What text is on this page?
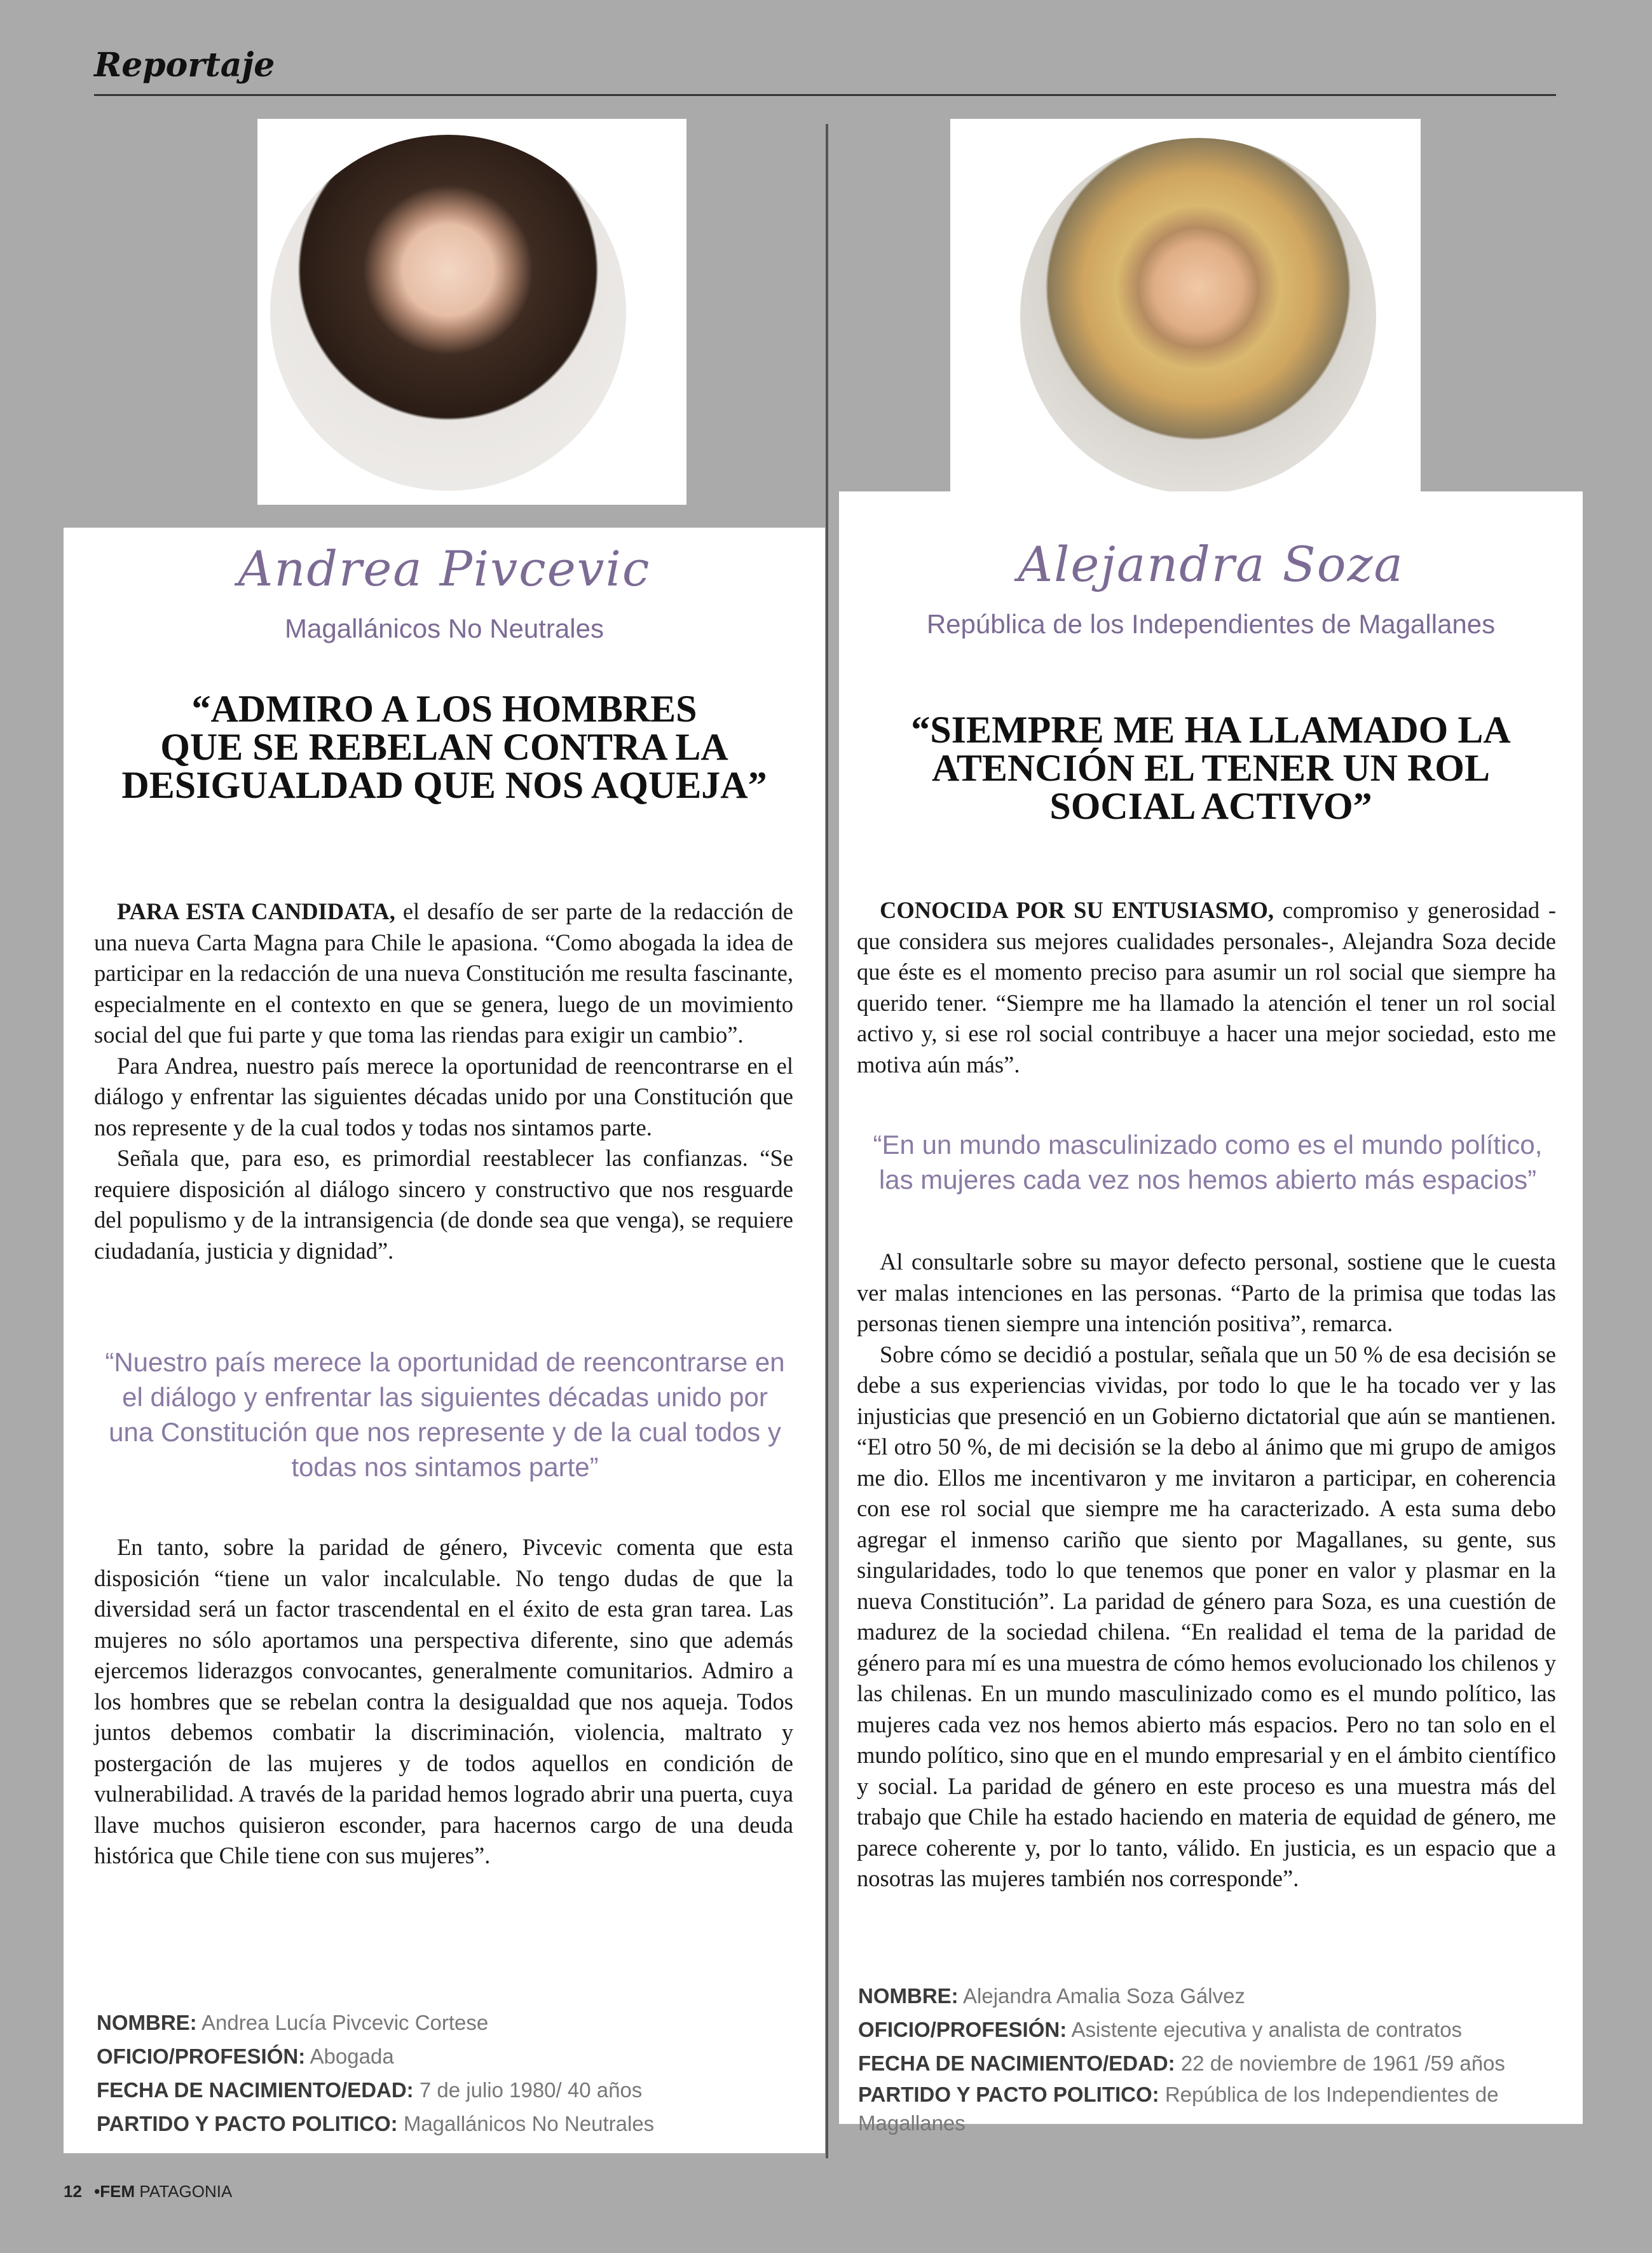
Reportaje
Andrea Pivcevic
Magallánicos No Neutrales
“ADMIRO A LOS HOMBRES
QUE SE REBELAN CONTRA LA
DESIGUALDAD QUE NOS AQUEJA”

PARA ESTA CANDIDATA, el desafío de ser parte de la redacción de una nueva Carta Magna para Chile le apasiona. “Como abogada la idea de participar en la redacción de una nueva Constitución me resulta fascinante, especialmente en el contexto en que se genera, luego de un movimiento social del que fui parte y que toma las riendas para exigir un cambio”.

Para Andrea, nuestro país merece la oportunidad de reencontrarse en el diálogo y enfrentar las siguientes décadas unido por una Constitución que nos represente y de la cual todos y todas nos sintamos parte.

Señala que, para eso, es primordial reestablecer las confianzas. “Se requiere disposición al diálogo sincero y constructivo que nos resguarde del populismo y de la intransigencia (de donde sea que venga), se requiere ciudadanía, justicia y dignidad”.

“Nuestro país merece la oportunidad de reencontrarse en el diálogo y enfrentar las siguientes décadas unido por una Constitución que nos represente y de la cual todos y todas nos sintamos parte”

En tanto, sobre la paridad de género, Pivcevic comenta que esta disposición “tiene un valor incalculable. No tengo dudas de que la diversidad será un factor trascendental en el éxito de esta gran tarea. Las mujeres no sólo aportamos una perspectiva diferente, sino que además ejercemos liderazgos convocantes, generalmente comunitarios. Admiro a los hombres que se rebelan contra la desigualdad que nos aqueja. Todos juntos debemos combatir la discriminación, violencia, maltrato y postergación de las mujeres y de todos aquellos en condición de vulnerabilidad. A través de la paridad hemos logrado abrir una puerta, cuya llave muchos quisieron esconder, para hacernos cargo de una deuda histórica que Chile tiene con sus mujeres”.

NOMBRE: Andrea Lucía Pivcevic Cortese
OFICIO/PROFESIÓN: Abogada
FECHA DE NACIMIENTO/EDAD: 7 de julio 1980/ 40 años
PARTIDO Y PACTO POLITICO: Magallánicos No Neutrales
Alejandra Soza
República de los Independientes de Magallanes
“SIEMPRE ME HA LLAMADO LA
ATENCIÓN EL TENER UN ROL
SOCIAL ACTIVO”

CONOCIDA POR SU ENTUSIASMO, compromiso y generosidad - que considera sus mejores cualidades personales-, Alejandra Soza decide que éste es el momento preciso para asumir un rol social que siempre ha querido tener. “Siempre me ha llamado la atención el tener un rol social activo y, si ese rol social contribuye a hacer una mejor sociedad, esto me motiva aún más”.

“En un mundo masculinizado como es el mundo político, las mujeres cada vez nos hemos abierto más espacios”

Al consultarle sobre su mayor defecto personal, sostiene que le cuesta ver malas intenciones en las personas. “Parto de la primisa que todas las personas tienen siempre una intención positiva”, remarca.

Sobre cómo se decidió a postular, señala que un 50 % de esa decisión se debe a sus experiencias vividas, por todo lo que le ha tocado ver y las injusticias que presenció en un Gobierno dictatorial que aún se mantienen. “El otro 50 %, de mi decisión se la debo al ánimo que mi grupo de amigos me dio. Ellos me incentivaron y me invitaron a participar, en coherencia con ese rol social que siempre me ha caracterizado. A esta suma debo agregar el inmenso cariño que siento por Magallanes, su gente, sus singularidades, todo lo que tenemos que poner en valor y plasmar en la nueva Constitución”. La paridad de género para Soza, es una cuestión de madurez de la sociedad chilena. “En realidad el tema de la paridad de género para mí es una muestra de cómo hemos evolucionado los chilenos y las chilenas. En un mundo masculinizado como es el mundo político, las mujeres cada vez nos hemos abierto más espacios. Pero no tan solo en el mundo político, sino que en el mundo empresarial y en el ámbito científico y social. La paridad de género en este proceso es una muestra más del trabajo que Chile ha estado haciendo en materia de equidad de género, me parece coherente y, por lo tanto, válido. En justicia, es un espacio que a nosotras las mujeres también nos corresponde”.

NOMBRE: Alejandra Amalia Soza Gálvez
OFICIO/PROFESIÓN: Asistente ejecutiva y analista de contratos
FECHA DE NACIMIENTO/EDAD: 22 de noviembre de 1961 /59 años
PARTIDO Y PACTO POLITICO: República de los Independientes de Magallanes
12 •FEM PATAGONIA
